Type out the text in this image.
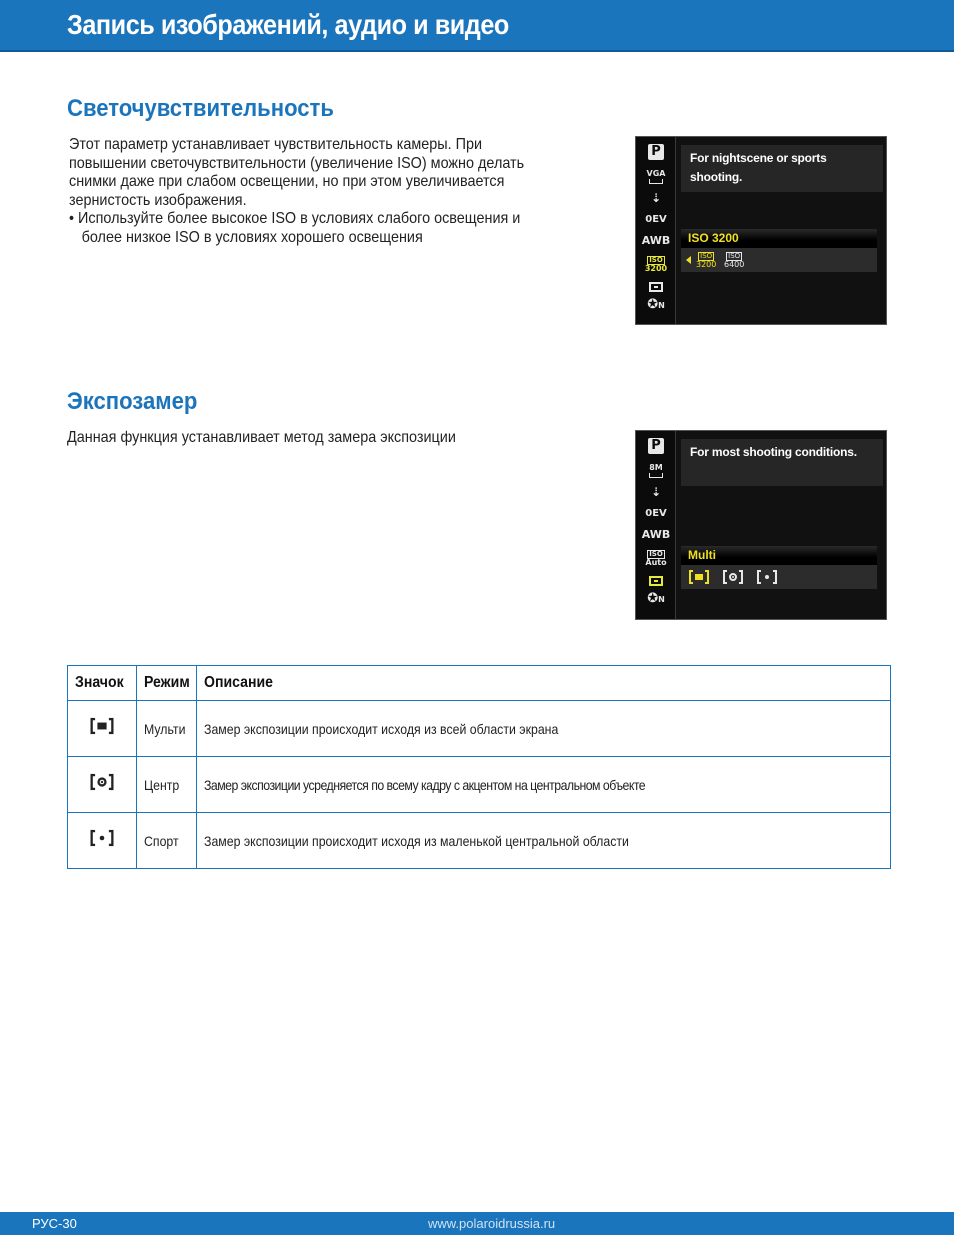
Запись изображений, аудио и видео
Светочувствительность

Этот параметр устанавливает чувствительность камеры. При

повышении светочувствительности (увеличение ISO) можно делать

снимки даже при слабом освещении, но при этом увеличивается

зернистость изображения.

• Используйте более высокое ISO в условиях слабого освещения и

более низкое ISO в условиях хорошего освещения

P
VGA
⇣
0EV
AWB
ISO
3200
✪N
For nightscene or sports
shooting.
ISO 3200
ISO
3200
ISO
6400
Экспозамер

Данная функция устанавливает метод замера экспозиции	P
8M
⇣
0EV
AWB
ISO
Auto
✪N
For most shooting conditions.
Multi
Значок	Режим	Описание

	Мульти	Замер экспозиции происходит исходя из всей области экрана

	Центр	Замер экспозиции усредняется по всему кадру с акцентом на центральном объекте

	Спорт	Замер экспозиции происходит исходя из маленькой центральной области
РУС-30	www.polaroidrussia.ru
